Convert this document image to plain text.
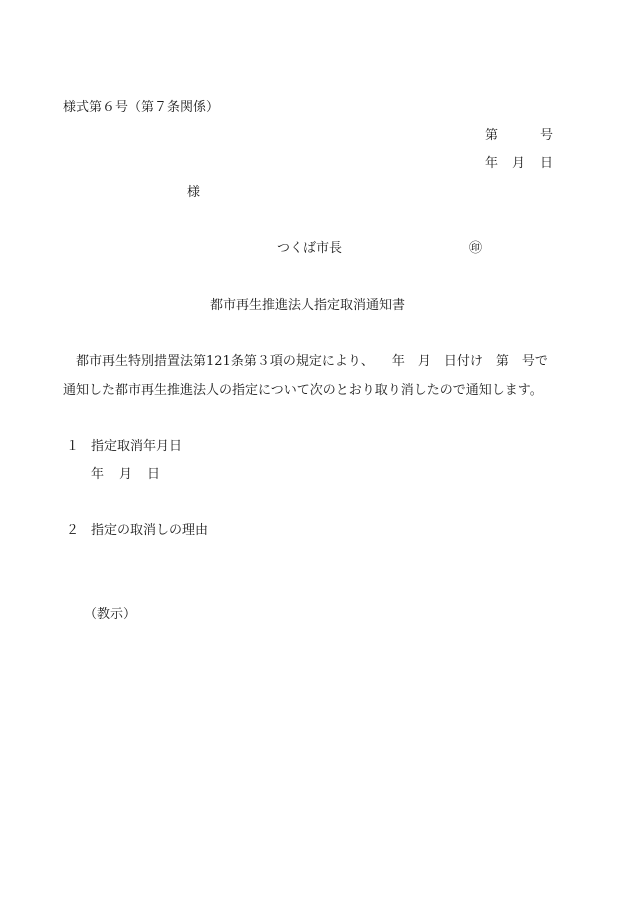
様式第６号（第７条関係）
第	号
年 月 日
様
つくば市長	㊞
都市再生推進法人指定取消通知書
都市再生特別措置法第121条第３項の規定により、 年 月 日付け 第 号で
通知した都市再生推進法人の指定について次のとおり取り消したので通知します。
１ 指定取消年月日
年 月 日
２ 指定の取消しの理由
（教示）
